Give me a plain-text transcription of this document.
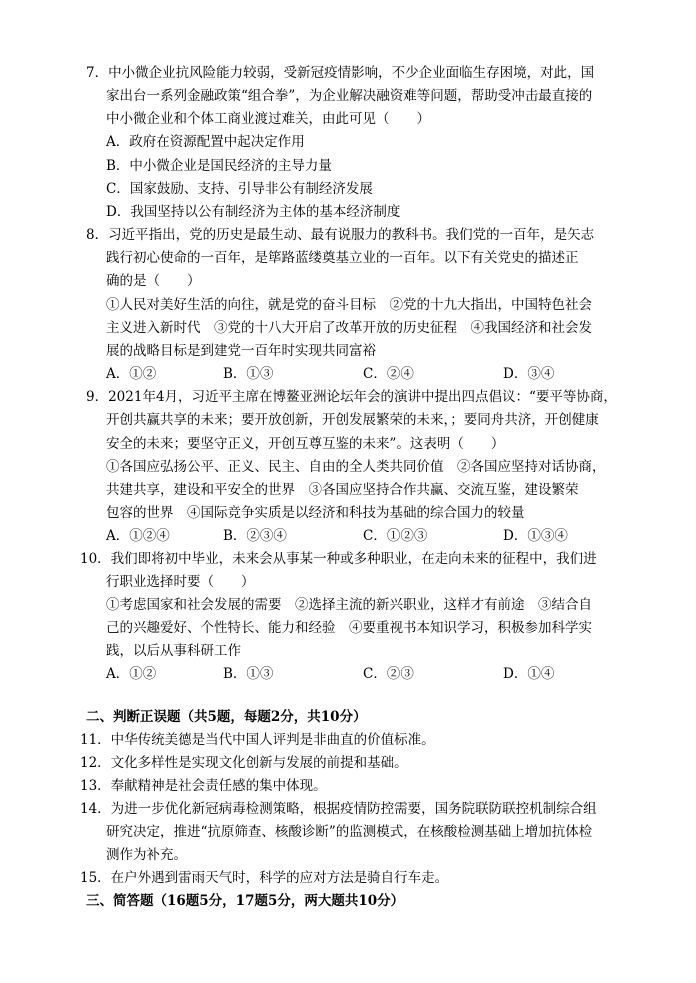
7．中小微企业抗风险能力较弱，受新冠疫情影响，不少企业面临生存困境，对此，国
家出台一系列金融政策“组合拳”，为企业解决融资难等问题，帮助受冲击最直接的
中小微企业和个体工商业渡过难关，由此可见（　　）
A．政府在资源配置中起决定作用
B．中小微企业是国民经济的主导力量
C．国家鼓励、支持、引导非公有制经济发展
D．我国坚持以公有制经济为主体的基本经济制度
8．习近平指出，党的历史是最生动、最有说服力的教科书。我们党的一百年，是矢志
践行初心使命的一百年，是筚路蓝缕奠基立业的一百年。以下有关党史的描述正
确的是（　　）
①人民对美好生活的向往，就是党的奋斗目标　②党的十九大指出，中国特色社会
主义进入新时代　③党的十八大开启了改革开放的历史征程　④我国经济和社会发
展的战略目标是到建党一百年时实现共同富裕
A．①②	B．①③	C．②④	D．③④
9．2021年4月，习近平主席在博鳌亚洲论坛年会的演讲中提出四点倡议：“要平等协商，
开创共赢共享的未来；要开放创新，开创发展繁荣的未来，；要同舟共济，开创健康
安全的未来；要坚守正义，开创互尊互鉴的未来”。这表明（　　）
①各国应弘扬公平、正义、民主、自由的全人类共同价值　②各国应坚持对话协商，
共建共享，建设和平安全的世界　③各国应坚持合作共赢、交流互鉴，建设繁荣
包容的世界　④国际竞争实质是以经济和科技为基础的综合国力的较量
A．①②④	B．②③④	C．①②③	D．①③④
10．我们即将初中毕业，未来会从事某一种或多种职业，在走向未来的征程中，我们进
行职业选择时要（　　）
①考虑国家和社会发展的需要　②选择主流的新兴职业，这样才有前途　③结合自
己的兴趣爱好、个性特长、能力和经验　④要重视书本知识学习，积极参加科学实
践，以后从事科研工作
A．①②	B．①③	C．②③	D．①④
二、判断正误题（共5题，每题2分，共10分）
11．中华传统美德是当代中国人评判是非曲直的价值标准。
12．文化多样性是实现文化创新与发展的前提和基础。
13．奉献精神是社会责任感的集中体现。
14．为进一步优化新冠病毒检测策略，根据疫情防控需要，国务院联防联控机制综合组
研究决定，推进“抗原筛查、核酸诊断”的监测模式，在核酸检测基础上增加抗体检
测作为补充。
15．在户外遇到雷雨天气时，科学的应对方法是骑自行车走。
三、简答题（16题5分，17题5分，两大题共10分）
